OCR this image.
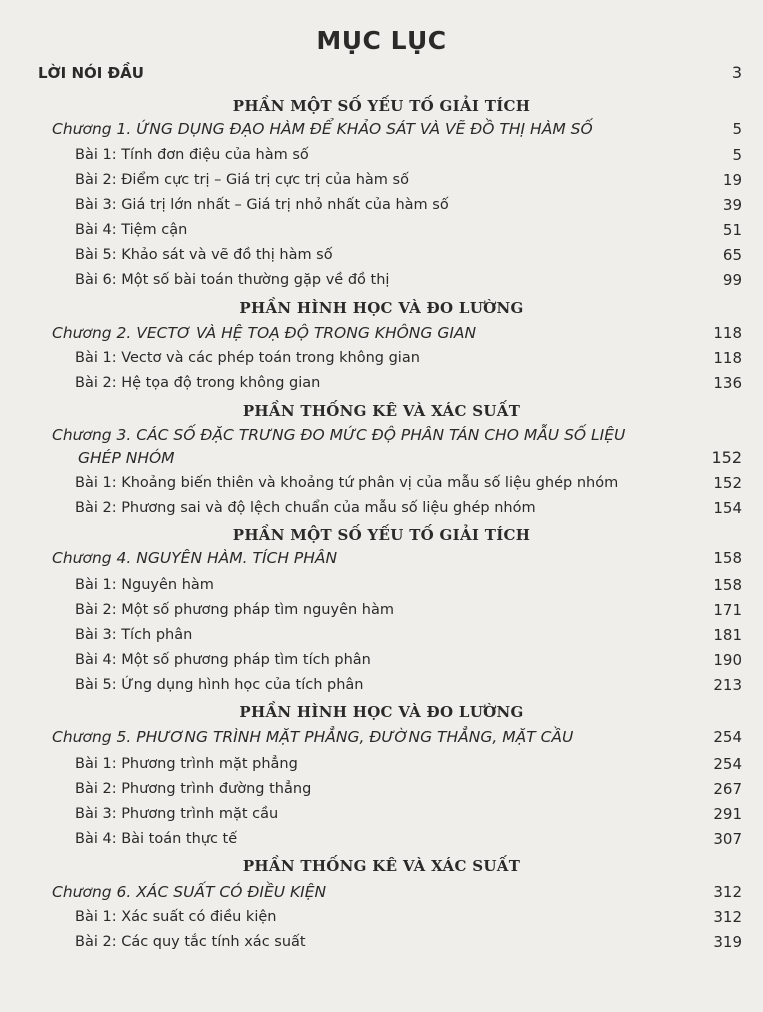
MỤC LỤC
LỜI NÓI ĐẦU	3
PHẦN MỘT SỐ YẾU TỐ GIẢI TÍCH
Chương 1. ỨNG DỤNG ĐẠO HÀM ĐỂ KHẢO SÁT VÀ VẼ ĐỒ THỊ HÀM SỐ	5
Bài 1: Tính đơn điệu của hàm số	5
Bài 2: Điểm cực trị – Giá trị cực trị của hàm số	19
Bài 3: Giá trị lớn nhất – Giá trị nhỏ nhất của hàm số	39
Bài 4: Tiệm cận	51
Bài 5: Khảo sát và vẽ đồ thị hàm số	65
Bài 6: Một số bài toán thường gặp về đồ thị	99
PHẦN HÌNH HỌC VÀ ĐO LƯỜNG
Chương 2. VECTƠ VÀ HỆ TOẠ ĐỘ TRONG KHÔNG GIAN	118
Bài 1: Vectơ và các phép toán trong không gian	118
Bài 2: Hệ tọa độ trong không gian	136
PHẦN THỐNG KÊ VÀ XÁC SUẤT
Chương 3. CÁC SỐ ĐẶC TRƯNG ĐO MỨC ĐỘ PHÂN TÁN CHO MẪU SỐ LIỆU
GHÉP NHÓM	152
Bài 1: Khoảng biến thiên và khoảng tứ phân vị của mẫu số liệu ghép nhóm	152
Bài 2: Phương sai và độ lệch chuẩn của mẫu số liệu ghép nhóm	154
PHẦN MỘT SỐ YẾU TỐ GIẢI TÍCH
Chương 4. NGUYÊN HÀM. TÍCH PHÂN	158
Bài 1: Nguyên hàm	158
Bài 2: Một số phương pháp tìm nguyên hàm	171
Bài 3: Tích phân	181
Bài 4: Một số phương pháp tìm tích phân	190
Bài 5: Ứng dụng hình học của tích phân	213
PHẦN HÌNH HỌC VÀ ĐO LƯỜNG
Chương 5. PHƯƠNG TRÌNH MẶT PHẲNG, ĐƯỜNG THẲNG, MẶT CẦU	254
Bài 1: Phương trình mặt phẳng	254
Bài 2: Phương trình đường thẳng	267
Bài 3: Phương trình mặt cầu	291
Bài 4: Bài toán thực tế	307
PHẦN THỐNG KÊ VÀ XÁC SUẤT
Chương 6. XÁC SUẤT CÓ ĐIỀU KIỆN	312
Bài 1: Xác suất có điều kiện	312
Bài 2: Các quy tắc tính xác suất	319
